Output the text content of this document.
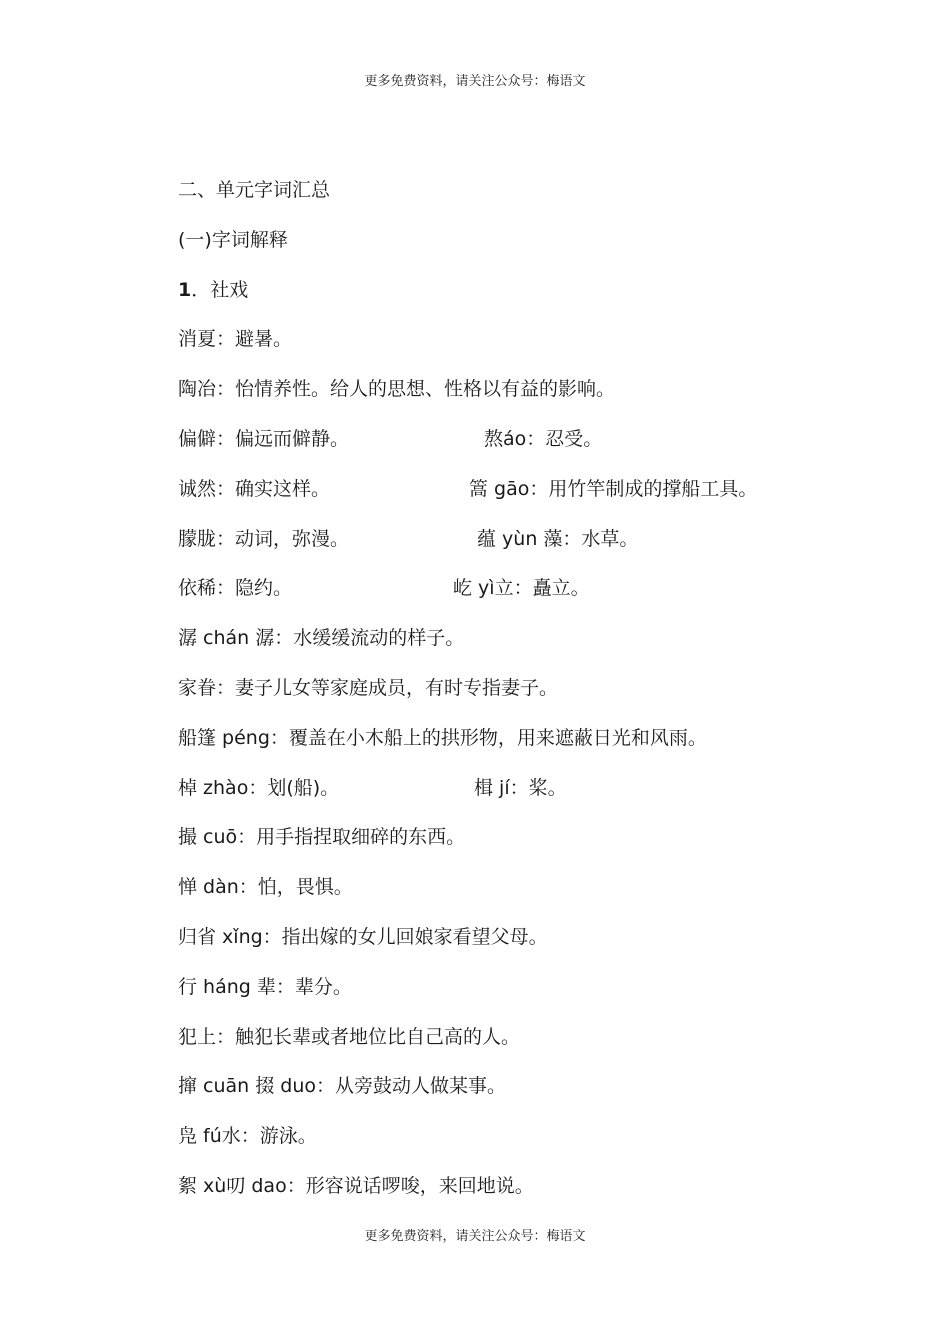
更多免费资料，请关注公众号：梅语文
二、单元字词汇总
(一)字词解释
1．社戏
消夏：避暑。
陶冶：怡情养性。给人的思想、性格以有益的影响。
偏僻：偏远而僻静。	熬áo：忍受。
诚然：确实这样。	篙 gāo：用竹竿制成的撑船工具。
朦胧：动词，弥漫。	蕴 yùn 藻：水草。
依稀：隐约。	屹 yì立：矗立。
潺 chán 潺：水缓缓流动的样子。
家眷：妻子儿女等家庭成员，有时专指妻子。
船篷 péng：覆盖在小木船上的拱形物，用来遮蔽日光和风雨。
棹 zhào：划(船)。	楫 jí：桨。
撮 cuō：用手指捏取细碎的东西。
惮 dàn：怕，畏惧。
归省 xǐng：指出嫁的女儿回娘家看望父母。
行 háng 辈：辈分。
犯上：触犯长辈或者地位比自己高的人。
撺 cuān 掇 duo：从旁鼓动人做某事。
凫 fú水：游泳。
絮 xù叨 dao：形容说话啰唆，来回地说。
更多免费资料，请关注公众号：梅语文
